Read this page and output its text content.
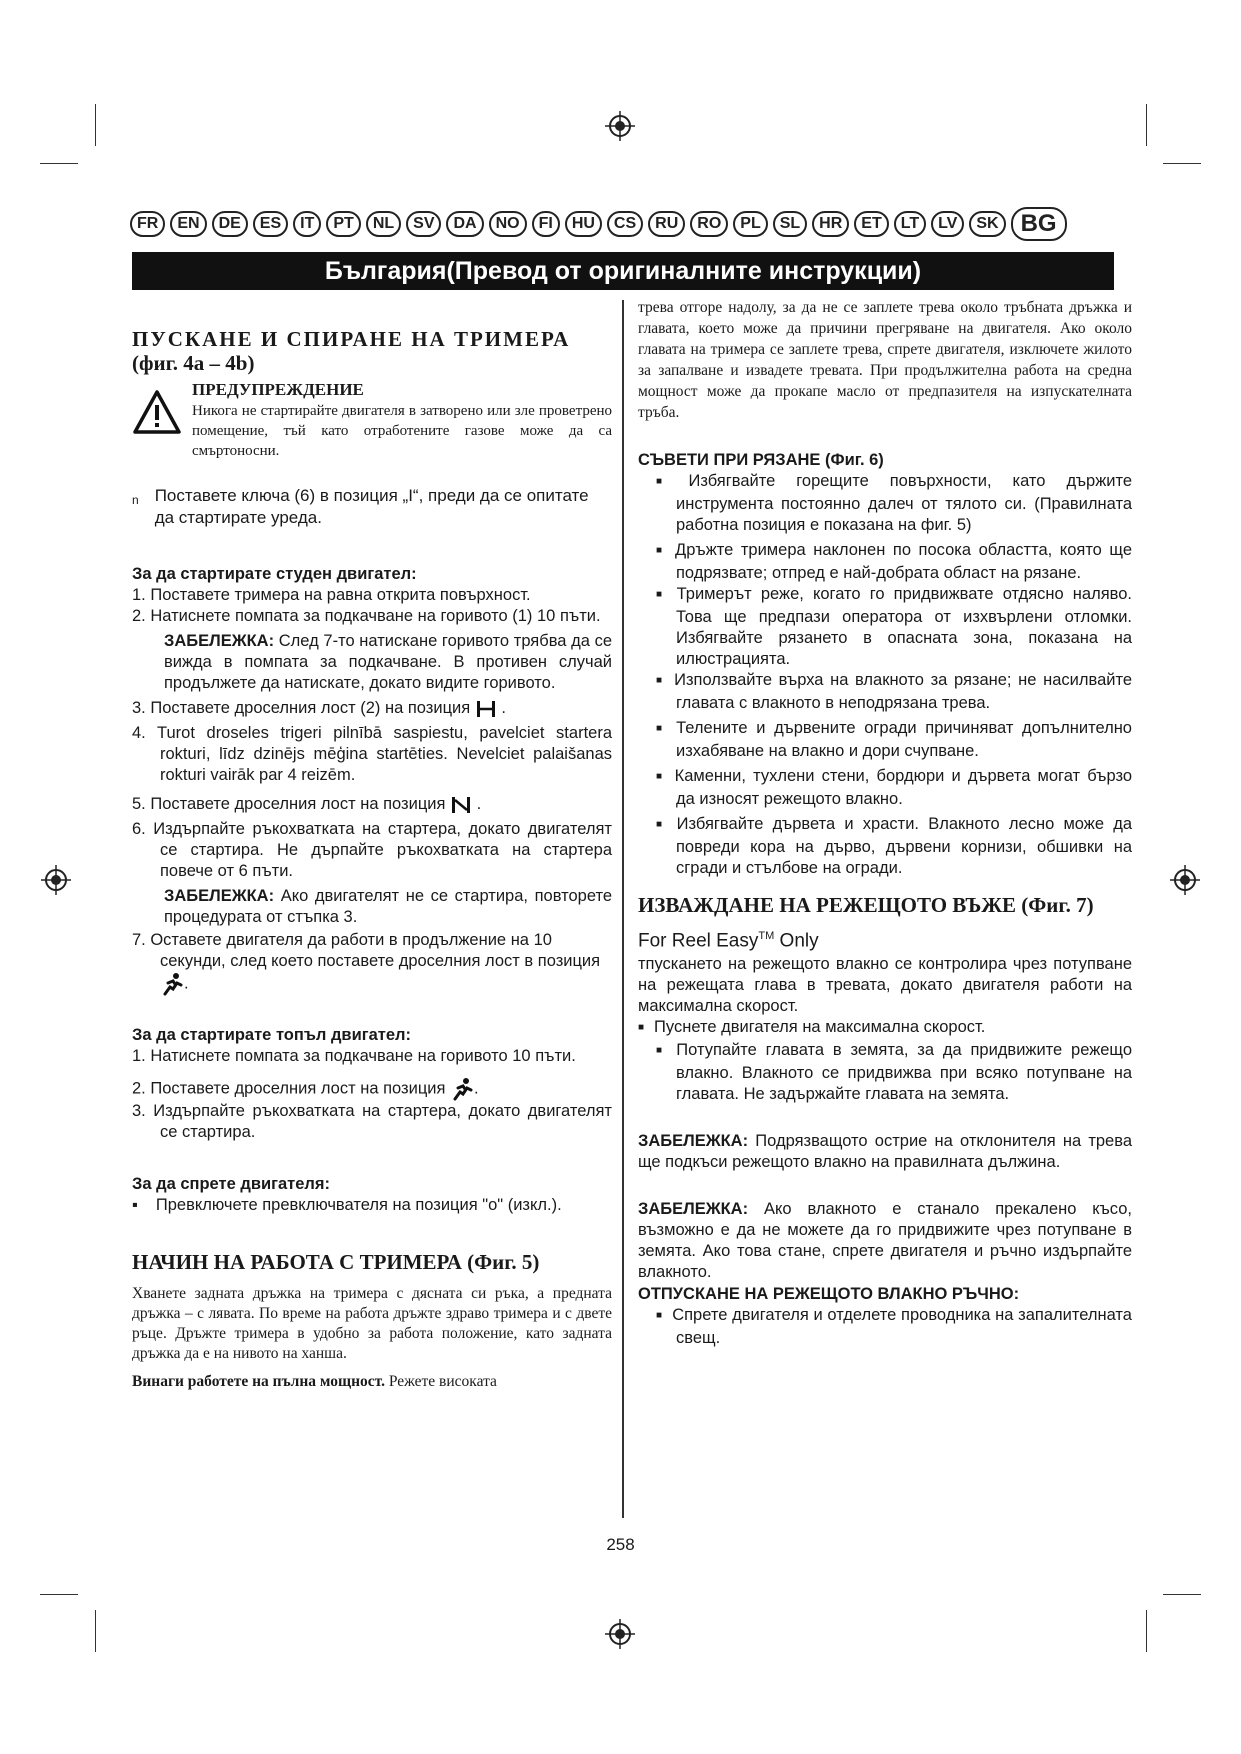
FR	EN	DE	ES	IT	PT	NL	SV	DA	NO	FI	HU	CS	RU	RO	PL	SL	HR	ET	LT	LV	SK BG
България(Превод от оригиналните инструкции)
ПУСКАНЕ И СПИРАНЕ НА ТРИМЕРА
(фиг. 4a – 4b)

ПРЕДУПРЕЖДЕНИЕ

Никога не стартирайте двигателя в затворено или зле проветрено помещение, тъй като отработените газове може да са смъртоносни.

n Поставете ключа (6) в позиция „I“, преди да се опитате да стартирате уреда.
За да стартирате студен двигател:

1. Поставете тримера на равна открита повърхност.

2. Натиснете помпата за подкачване на горивото (1) 10 пъти.

ЗАБЕЛЕЖКА: След 7-то натискане горивото трябва да се вижда в помпата за подкачване. В противен случай продължете да натискате, докато видите горивото.

3. Поставете дроселния лост (2) на позиция  .

4. Turot droseles trigeri pilnībā saspiestu, pavelciet startera rokturi, līdz dzinējs mēģina startēties. Nevelciet palaišanas rokturi vairāk par 4 reizēm.

5. Поставете дроселния лост на позиция  .

6. Издърпайте ръкохватката на стартера, докато двигателят се стартира. Не дърпайте ръкохватката на стартера повече от 6 пъти.

ЗАБЕЛЕЖКА: Ако двигателят не се стартира, повторете процедурата от стъпка 3.

7. Оставете двигателя да работи в продължение на 10 секунди, след което поставете дроселния лост в позиция .

За да стартирате топъл двигател:

1. Натиснете помпата за подкачване на горивото 10 пъти.

2. Поставете дроселния лост на позиция .

3. Издърпайте ръкохватката на стартера, докато двигателят се стартира.

За да спрете двигателя:
▪ Превключете превключвателя на позиция "о" (изкл.).
НАЧИН НА РАБОТА С ТРИМЕРА (Фиг. 5)

Хванете задната дръжка на тримера с дясната си ръка, а предната дръжка – с лявата. По време на работа дръжте здраво тримера и с двете ръце. Дръжте тримера в удобно за работа положение, като задната дръжка да е на нивото на ханша.

Винаги работете на пълна мощност. Режете високата

трева отгоре надолу, за да не се заплете трева около тръбната дръжка и главата, което може да причини прегряване на двигателя. Ако около главата на тримера се заплете трева, спрете двигателя, изключете жилото за запалване и извадете тревата. При продължителна работа на средна мощност може да прокапе масло от предпазителя на изпускателната тръба.

СЪВЕТИ ПРИ РЯЗАНЕ (Фиг. 6)

■ Избягвайте горещите повърхности, като държите инструмента постоянно далеч от тялото си. (Правилната работна позиция е показана на фиг. 5)

■ Дръжте тримера наклонен по посока областта, която ще подрязвате; отпред е най-добрата област на рязане.

■ Тримерът реже, когато го придвижвате отдясно наляво. Това ще предпази оператора от изхвърлени отломки. Избягвайте рязането в опасната зона, показана на илюстрацията.

■ Използвайте върха на влакното за рязане; не насилвайте главата с влакното в неподрязана трева.

■ Телените и дървените огради причиняват допълнително изхабяване на влакно и дори счупване.

■ Каменни, тухлени стени, бордюри и дървета могат бързо да износят режещото влакно.

■ Избягвайте дървета и храсти. Влакното лесно може да повреди кора на дърво, дървени корнизи, обшивки на сгради и стълбове на огради.

ИЗВАЖДАНЕ НА РЕЖЕЩОТО ВЪЖЕ (Фиг. 7)

For Reel Easy™ Only

тпускането на режещото влакно се контролира чрез потупване на режещата глава в тревата, докато двигателя работи на максимална скорост.

■ Пуснете двигателя на максимална скорост.

■ Потупайте главата в земята, за да придвижите режещо влакно. Влакното се придвижва при всяко потупване на главата. Не задържайте главата на земята.

ЗАБЕЛЕЖКА: Подрязващото острие на отклонителя на трева ще подкъси режещото влакно на правилната дължина.

ЗАБЕЛЕЖКА: Ако влакното е станало прекалено късо, възможно е да не можете да го придвижите чрез потупване в земята. Ако това стане, спрете двигателя и ръчно издърпайте влакното.

ОТПУСКАНЕ НА РЕЖЕЩОТО ВЛАКНО РЪЧНО:

■ Спрете двигателя и отделете проводника на запалителната свещ.

258
